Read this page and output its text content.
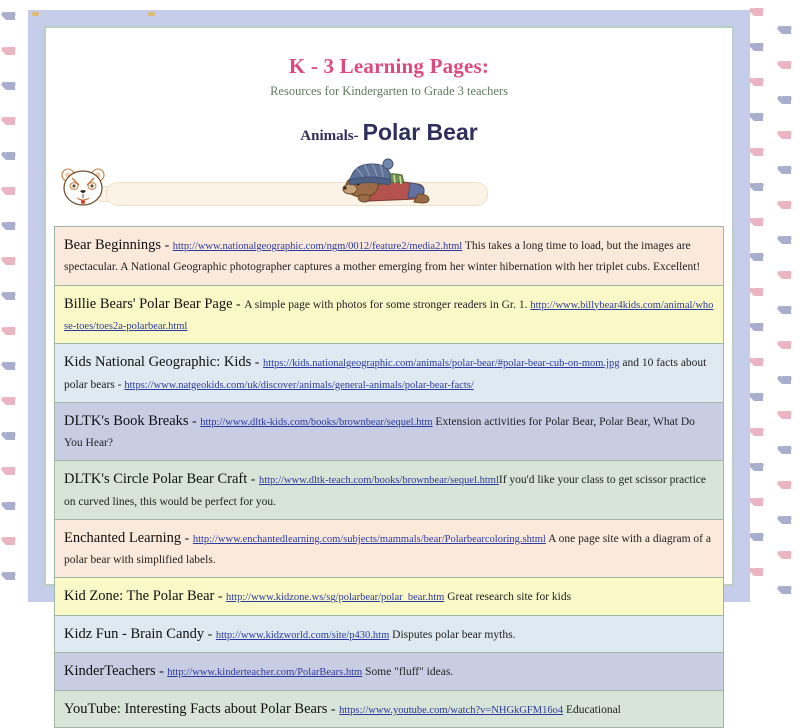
K - 3 Learning Pages:
Resources for Kindergarten to Grade 3 teachers
Animals- Polar Bear
Bear Beginnings - http://www.nationalgeographic.com/ngm/0012/feature2/media2.html This takes a long time to load, but the images are spectacular. A National Geographic photographer captures a mother emerging from her winter hibernation with her triplet cubs. Excellent!
Billie Bears' Polar Bear Page - A simple page with photos for some stronger readers in Gr. 1. http://www.billybear4kids.com/animal/whose-toes/toes2a-polarbear.html
Kids National Geographic: Kids - https://kids.nationalgeographic.com/animals/polar-bear/#polar-bear-cub-on-mom.jpg and 10 facts about polar bears - https://www.natgeokids.com/uk/discover/animals/general-animals/polar-bear-facts/
DLTK's Book Breaks - http://www.dltk-kids.com/books/brownbear/sequel.htm Extension activities for Polar Bear, Polar Bear, What Do You Hear?
DLTK's Circle Polar Bear Craft - http://www.dltk-teach.com/books/brownbear/sequel.htmlIf you'd like your class to get scissor practice on curved lines, this would be perfect for you.
Enchanted Learning - http://www.enchantedlearning.com/subjects/mammals/bear/Polarbearcoloring.shtml A one page site with a diagram of a polar bear with simplified labels.
Kid Zone: The Polar Bear - http://www.kidzone.ws/sg/polarbear/polar_bear.htm Great research site for kids
Kidz Fun - Brain Candy - http://www.kidzworld.com/site/p430.htm Disputes polar bear myths.
KinderTeachers - http://www.kinderteacher.com/PolarBears.htm Some "fluff" ideas.
YouTube: Interesting Facts about Polar Bears - https://www.youtube.com/watch?v=NHGkGFM16o4 Educational
